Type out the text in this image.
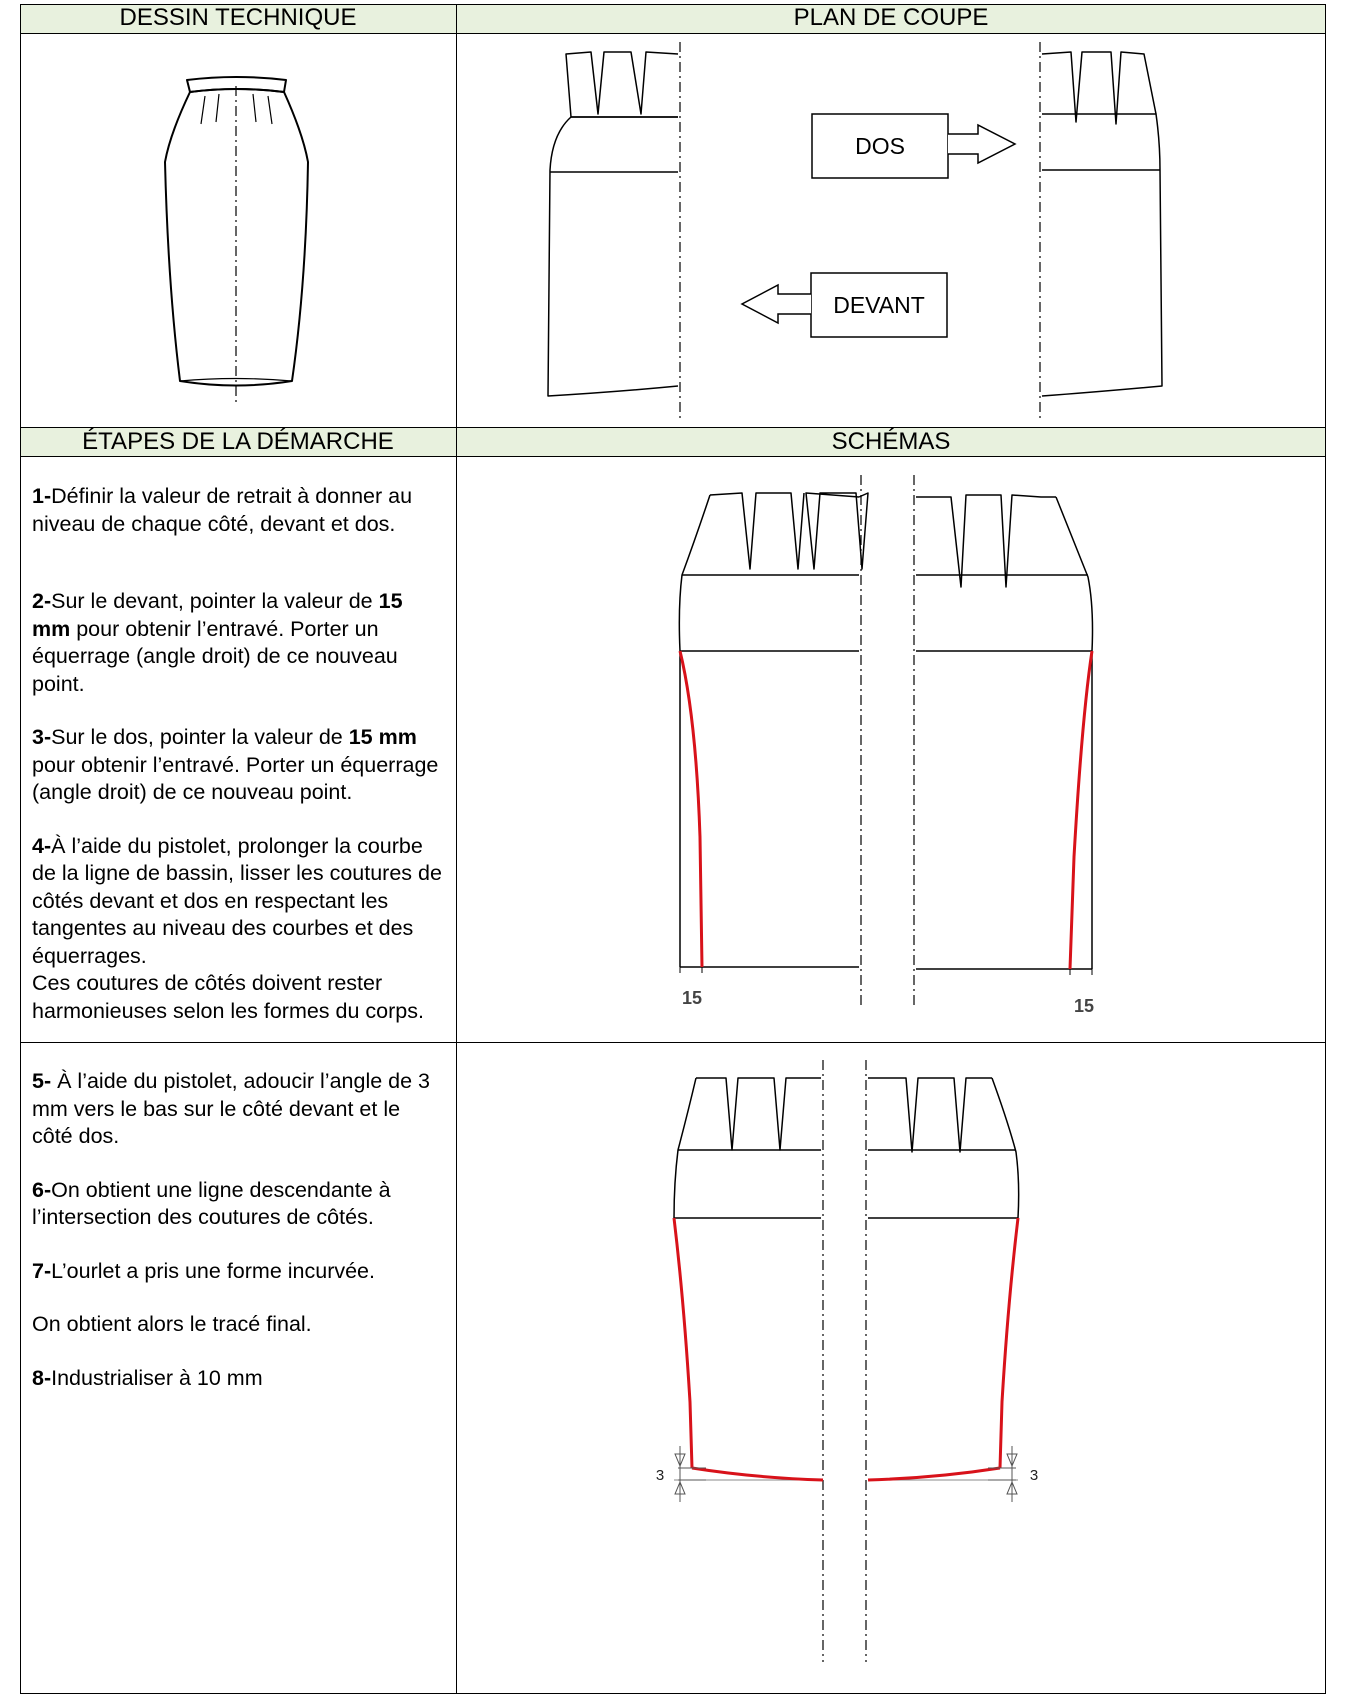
DESSIN TECHNIQUE	PLAN DE COUPE
ÉTAPES DE LA DÉMARCHE	SCHÉMAS
DOS
DEVANT

1-Définir la valeur de retrait à donner au niveau de chaque côté, devant et dos.

2-Sur le devant, pointer la valeur de 15 mm pour obtenir l’entravé. Porter un équerrage (angle droit) de ce nouveau point.

3-Sur le dos, pointer la valeur de 15 mm pour obtenir l’entravé. Porter un équerrage (angle droit) de ce nouveau point.

4-À l’aide du pistolet, prolonger la courbe de la ligne de bassin, lisser les coutures de côtés devant et dos en respectant les tangentes au niveau des courbes et des équerrages.
Ces coutures de côtés doivent rester harmonieuses selon les formes du corps.

15	15

5- À l’aide du pistolet, adoucir l’angle de 3 mm vers le bas sur le côté devant et le côté dos.

6-On obtient une ligne descendante à l’intersection des coutures de côtés.

7-L’ourlet a pris une forme incurvée.

On obtient alors le tracé final.

8-Industrialiser à 10 mm

3	3
